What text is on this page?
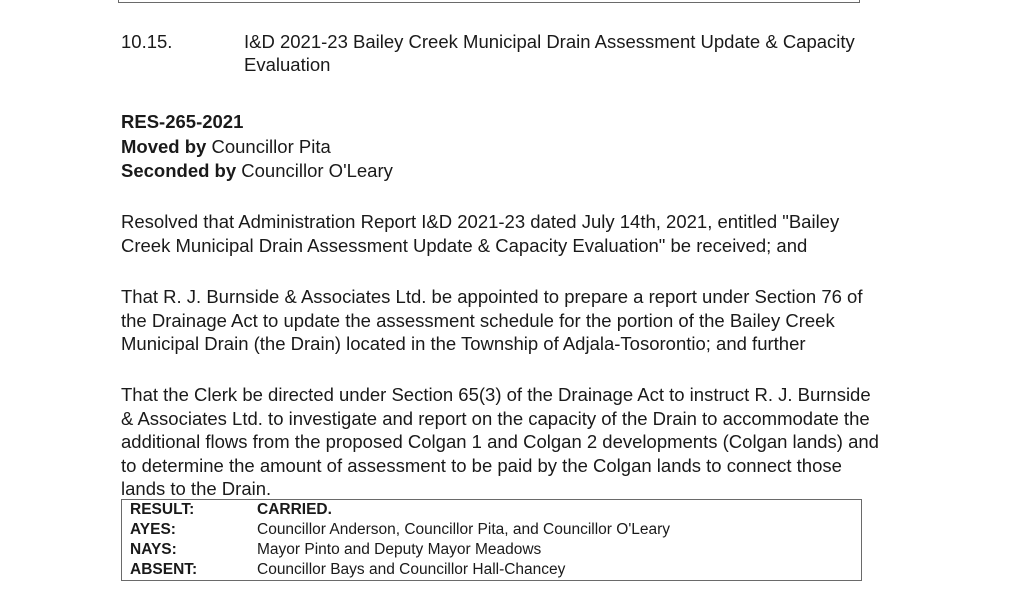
10.15.	I&D 2021-23 Bailey Creek Municipal Drain Assessment Update & Capacity
Evaluation
RES-265-2021
Moved by Councillor Pita
Seconded by Councillor O'Leary

Resolved that Administration Report I&D 2021-23 dated July 14th, 2021, entitled "Bailey
Creek Municipal Drain Assessment Update & Capacity Evaluation" be received; and

That R. J. Burnside & Associates Ltd. be appointed to prepare a report under Section 76 of
the Drainage Act to update the assessment schedule for the portion of the Bailey Creek
Municipal Drain (the Drain) located in the Township of Adjala-Tosorontio; and further

That the Clerk be directed under Section 65(3) of the Drainage Act to instruct R. J. Burnside
& Associates Ltd. to investigate and report on the capacity of the Drain to accommodate the
additional flows from the proposed Colgan 1 and Colgan 2 developments (Colgan lands) and
to determine the amount of assessment to be paid by the Colgan lands to connect those
lands to the Drain.

RESULT:	CARRIED.
AYES:	Councillor Anderson, Councillor Pita, and Councillor O'Leary
NAYS:	Mayor Pinto and Deputy Mayor Meadows
ABSENT:	Councillor Bays and Councillor Hall-Chancey
